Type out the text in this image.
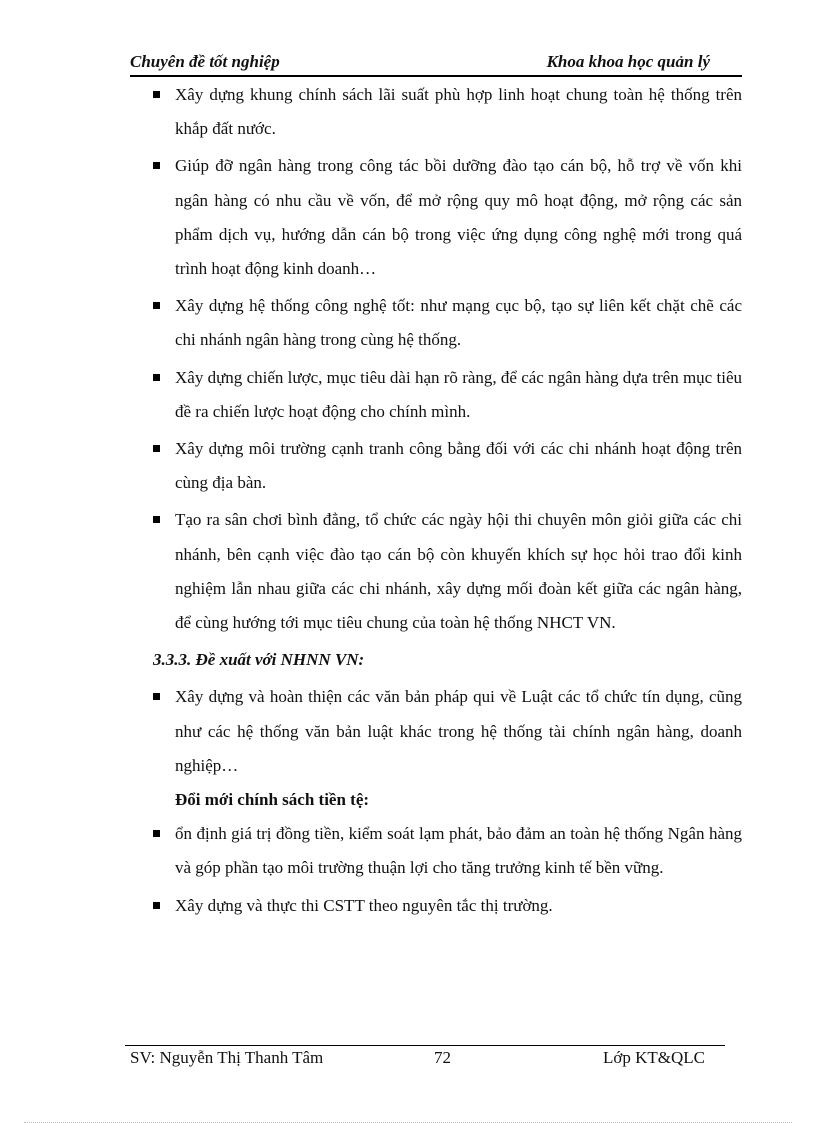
Chuyên đề tốt nghiệp	Khoa khoa học quản lý

Xây dựng khung chính sách lãi suất phù hợp linh hoạt chung toàn hệ thống trên khắp đất nước.

Giúp đỡ ngân hàng trong công tác bồi dưỡng đào tạo cán bộ, hỗ trợ về vốn khi ngân hàng có nhu cầu về vốn, để mở rộng quy mô hoạt động, mở rộng các sản phẩm dịch vụ, hướng dẫn cán bộ trong việc ứng dụng công nghệ mới trong quá trình hoạt động kinh doanh…

Xây dựng hệ thống công nghệ tốt: như mạng cục bộ, tạo sự liên kết chặt chẽ các chi nhánh ngân hàng trong cùng hệ thống.

Xây dựng chiến lược, mục tiêu dài hạn rõ ràng, để các ngân hàng dựa trên mục tiêu đề ra chiến lược hoạt động cho chính mình.

Xây dựng môi trường cạnh tranh công bằng đối với các chi nhánh hoạt động trên cùng địa bàn.

Tạo ra sân chơi bình đẳng, tổ chức các ngày hội thi chuyên môn giỏi giữa các chi nhánh, bên cạnh việc đào tạo cán bộ còn khuyến khích sự học hỏi trao đổi kinh nghiệm lẫn nhau giữa các chi nhánh, xây dựng mối đoàn kết giữa các ngân hàng, để cùng hướng tới mục tiêu chung của toàn hệ thống NHCT VN.

3.3.3. Đề xuất với NHNN VN:

Xây dựng và hoàn thiện các văn bản pháp qui về Luật các tổ chức tín dụng, cũng như các hệ thống văn bản luật khác trong hệ thống tài chính ngân hàng, doanh nghiệp…

Đổi mới chính sách tiền tệ:

ổn định giá trị đồng tiền, kiểm soát lạm phát, bảo đảm an toàn hệ thống Ngân hàng và góp phần tạo môi trường thuận lợi cho tăng trưởng kinh tế bền vững.

Xây dựng và thực thi CSTT theo nguyên tắc thị trường.

SV: Nguyễn Thị Thanh Tâm	72	Lớp KT&QLC
